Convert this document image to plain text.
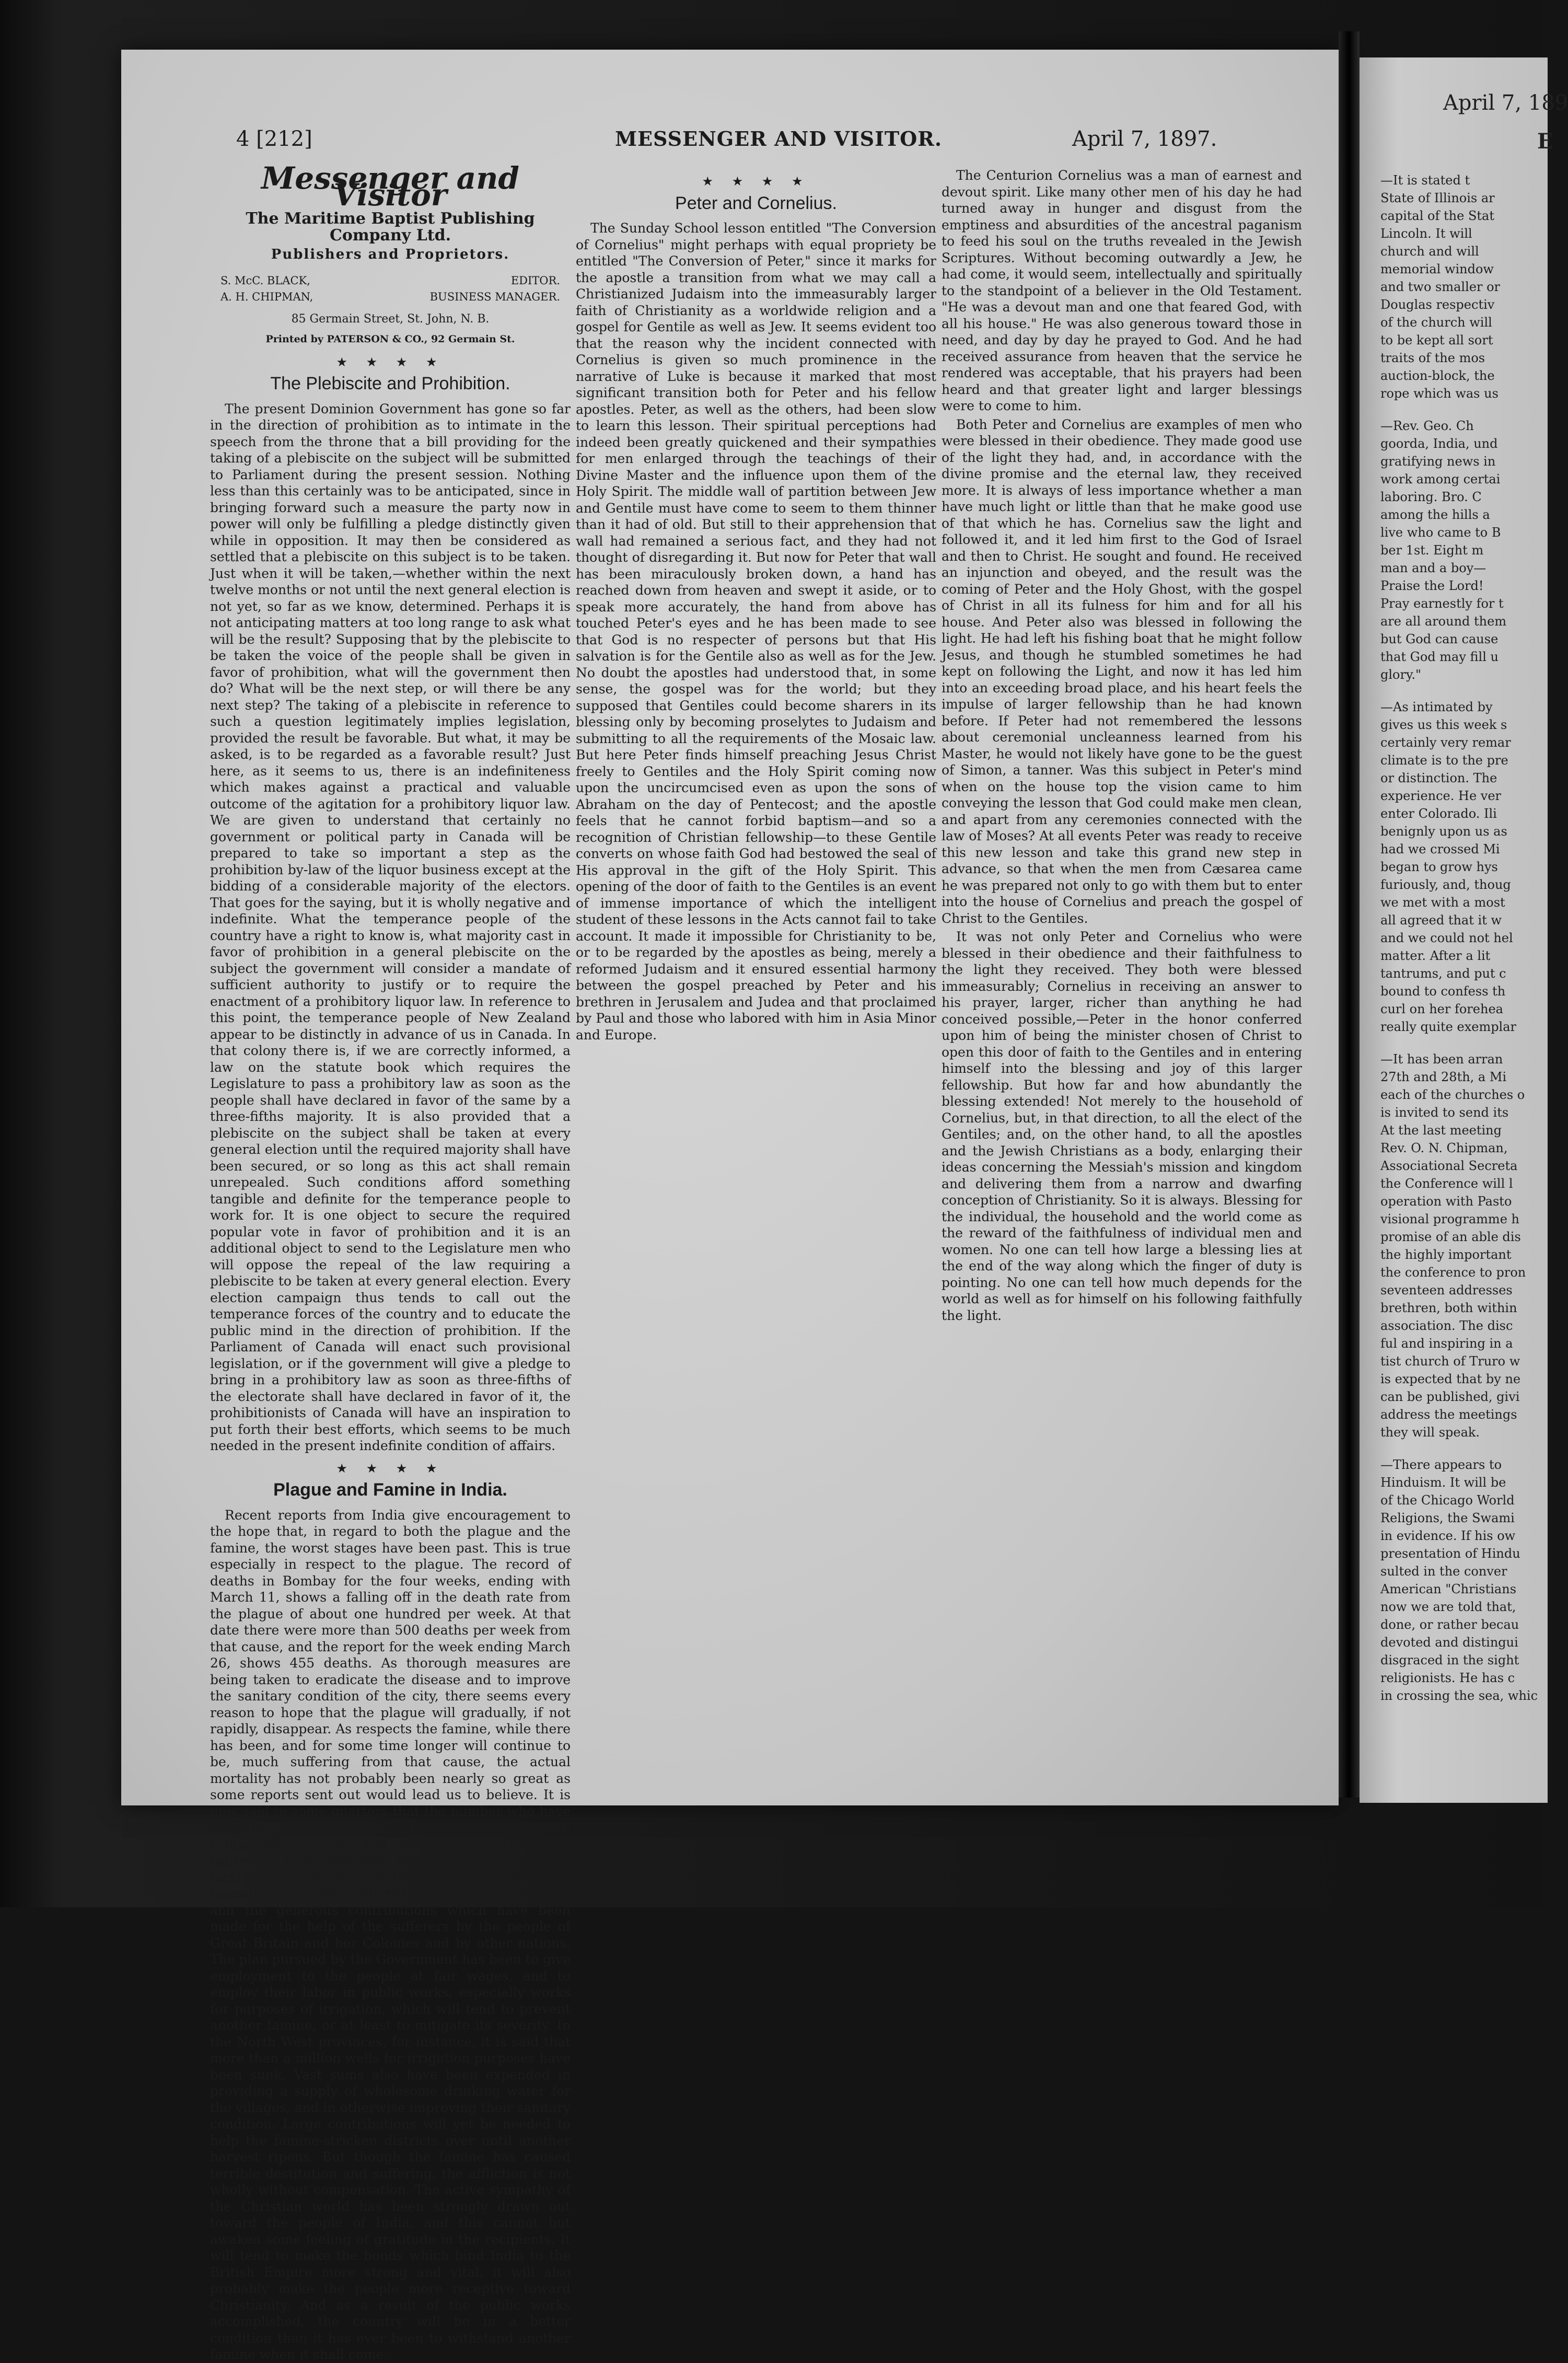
4 [212]	MESSENGER AND VISITOR.	April 7, 1897.
Messenger and Visitor
The Maritime Baptist Publishing Company Ltd.
Publishers and Proprietors.
S. McC. BLACK,	EDITOR.
A. H. CHIPMAN,	BUSINESS MANAGER.
85 Germain Street, St. John, N. B.
Printed by PATERSON & CO., 92 Germain St.
★ ★ ★ ★
The Plebiscite and Prohibition.

The present Dominion Government has gone so far in the direction of prohibition as to intimate in the speech from the throne that a bill providing for the taking of a plebiscite on the subject will be submitted to Parliament during the present session. Nothing less than this certainly was to be anticipated, since in bringing forward such a measure the party now in power will only be fulfilling a pledge distinctly given while in opposition. It may then be considered as settled that a plebiscite on this subject is to be taken. Just when it will be taken,—whether within the next twelve months or not until the next general election is not yet, so far as we know, determined. Perhaps it is not anticipating matters at too long range to ask what will be the result? Supposing that by the plebiscite to be taken the voice of the people shall be given in favor of prohibition, what will the government then do? What will be the next step, or will there be any next step? The taking of a plebiscite in reference to such a question legitimately implies legislation, provided the result be favorable. But what, it may be asked, is to be regarded as a favorable result? Just here, as it seems to us, there is an indefiniteness which makes against a practical and valuable outcome of the agitation for a prohibitory liquor law. We are given to understand that certainly no government or political party in Canada will be prepared to take so important a step as the prohibition by-law of the liquor business except at the bidding of a considerable majority of the electors. That goes for the saying, but it is wholly negative and indefinite. What the temperance people of the country have a right to know is, what majority cast in favor of prohibition in a general plebiscite on the subject the government will consider a mandate of sufficient authority to justify or to require the enactment of a prohibitory liquor law. In reference to this point, the temperance people of New Zealand appear to be distinctly in advance of us in Canada. In that colony there is, if we are correctly informed, a law on the statute book which requires the Legislature to pass a prohibitory law as soon as the people shall have declared in favor of the same by a three-fifths majority. It is also provided that a plebiscite on the subject shall be taken at every general election until the required majority shall have been secured, or so long as this act shall remain unrepealed. Such conditions afford something tangible and definite for the temperance people to work for. It is one object to secure the required popular vote in favor of prohibition and it is an additional object to send to the Legislature men who will oppose the repeal of the law requiring a plebiscite to be taken at every general election. Every election campaign thus tends to call out the temperance forces of the country and to educate the public mind in the direction of prohibition. If the Parliament of Canada will enact such provisional legislation, or if the government will give a pledge to bring in a prohibitory law as soon as three-fifths of the electorate shall have declared in favor of it, the prohibitionists of Canada will have an inspiration to put forth their best efforts, which seems to be much needed in the present indefinite condition of affairs.

★ ★ ★ ★
Plague and Famine in India.

Recent reports from India give encouragement to the hope that, in regard to both the plague and the famine, the worst stages have been past. This is true especially in respect to the plague. The record of deaths in Bombay for the four weeks, ending with March 11, shows a falling off in the death rate from the plague of about one hundred per week. At that date there were more than 500 deaths per week from that cause, and the report for the week ending March 26, shows 455 deaths. As thorough measures are being taken to eradicate the disease and to improve the sanitary condition of the city, there seems every reason to hope that the plague will gradually, if not rapidly, disappear. As respects the famine, while there has been, and for some time longer will continue to be, much suffering from that cause, the actual mortality has not probably been nearly so great as some reports sent out would lead us to believe. It is now said in some quarters that the number who have actually died because of famine has been comparatively small, and that mortality from that cause has now practically ceased. But if this is the fact, it is only because of the vigorous and effective measures of relief, undertaken by the Government, and the generous contributions which have been made for the help of the sufferers by the people of Great Britain and her Colonies and by other nations. The plan pursued by the Government has been to give employment to the people at fair wages, and to employ their labor in public works, especially works for purposes of irrigation, which will tend to prevent another famine, or at least to mitigate its severity. In the North West provinces, for instance, it is said that more than a million wells for irrigation purposes have been sunk. Vast sums also have been expended in providing a supply of wholesome drinking water for the villages, and in otherwise improving their sanitary condition. Large contributions will yet be needed to help the famine-stricken districts over until another harvest ripens. But though the famine has caused terrible destitution and suffering, the affliction is not wholly without compensation. The active sympathy of the Christian world has been strongly drawn out toward the people of India, and this cannot but awaken some feeling of gratitude in the recipients. It will tend to make the bonds which bind India to the British Empire more strong and vital, it will also probably make the people more receptive toward Christianity. And as a result of the public works accomplished, the country will be in a better condition than it has ever been to withstand another famine when it shall come.

★ ★ ★ ★
Peter and Cornelius.

The Sunday School lesson entitled "The Conversion of Cornelius" might perhaps with equal propriety be entitled "The Conversion of Peter," since it marks for the apostle a transition from what we may call a Christianized Judaism into the immeasurably larger faith of Christianity as a worldwide religion and a gospel for Gentile as well as Jew. It seems evident too that the reason why the incident connected with Cornelius is given so much prominence in the narrative of Luke is because it marked that most significant transition both for Peter and his fellow apostles. Peter, as well as the others, had been slow to learn this lesson. Their spiritual perceptions had indeed been greatly quickened and their sympathies for men enlarged through the teachings of their Divine Master and the influence upon them of the Holy Spirit. The middle wall of partition between Jew and Gentile must have come to seem to them thinner than it had of old. But still to their apprehension that wall had remained a serious fact, and they had not thought of disregarding it. But now for Peter that wall has been miraculously broken down, a hand has reached down from heaven and swept it aside, or to speak more accurately, the hand from above has touched Peter's eyes and he has been made to see that God is no respecter of persons but that His salvation is for the Gentile also as well as for the Jew. No doubt the apostles had understood that, in some sense, the gospel was for the world; but they supposed that Gentiles could become sharers in its blessing only by becoming proselytes to Judaism and submitting to all the requirements of the Mosaic law. But here Peter finds himself preaching Jesus Christ freely to Gentiles and the Holy Spirit coming now upon the uncircumcised even as upon the sons of Abraham on the day of Pentecost; and the apostle feels that he cannot forbid baptism—and so a recognition of Christian fellowship—to these Gentile converts on whose faith God had bestowed the seal of His approval in the gift of the Holy Spirit. This opening of the door of faith to the Gentiles is an event of immense importance of which the intelligent student of these lessons in the Acts cannot fail to take account. It made it impossible for Christianity to be, or to be regarded by the apostles as being, merely a reformed Judaism and it ensured essential harmony between the gospel preached by Peter and his brethren in Jerusalem and Judea and that proclaimed by Paul and those who labored with him in Asia Minor and Europe.

The Centurion Cornelius was a man of earnest and devout spirit. Like many other men of his day he had turned away in hunger and disgust from the emptiness and absurdities of the ancestral paganism to feed his soul on the truths revealed in the Jewish Scriptures. Without becoming outwardly a Jew, he had come, it would seem, intellectually and spiritually to the standpoint of a believer in the Old Testament. "He was a devout man and one that feared God, with all his house." He was also generous toward those in need, and day by day he prayed to God. And he had received assurance from heaven that the service he rendered was acceptable, that his prayers had been heard and that greater light and larger blessings were to come to him.

Both Peter and Cornelius are examples of men who were blessed in their obedience. They made good use of the light they had, and, in accordance with the divine promise and the eternal law, they received more. It is always of less importance whether a man have much light or little than that he make good use of that which he has. Cornelius saw the light and followed it, and it led him first to the God of Israel and then to Christ. He sought and found. He received an injunction and obeyed, and the result was the coming of Peter and the Holy Ghost, with the gospel of Christ in all its fulness for him and for all his house. And Peter also was blessed in following the light. He had left his fishing boat that he might follow Jesus, and though he stumbled sometimes he had kept on following the Light, and now it has led him into an exceeding broad place, and his heart feels the impulse of larger fellowship than he had known before. If Peter had not remembered the lessons about ceremonial uncleanness learned from his Master, he would not likely have gone to be the guest of Simon, a tanner. Was this subject in Peter's mind when on the house top the vision came to him conveying the lesson that God could make men clean, and apart from any ceremonies connected with the law of Moses? At all events Peter was ready to receive this new lesson and take this grand new step in advance, so that when the men from Cæsarea came he was prepared not only to go with them but to enter into the house of Cornelius and preach the gospel of Christ to the Gentiles.

It was not only Peter and Cornelius who were blessed in their obedience and their faithfulness to the light they received. They both were blessed immeasurably; Cornelius in receiving an answer to his prayer, larger, richer than anything he had conceived possible,—Peter in the honor conferred upon him of being the minister chosen of Christ to open this door of faith to the Gentiles and in entering himself into the blessing and joy of this larger fellowship. But how far and how abundantly the blessing extended! Not merely to the household of Cornelius, but, in that direction, to all the elect of the Gentiles; and, on the other hand, to all the apostles and the Jewish Christians as a body, enlarging their ideas concerning the Messiah's mission and kingdom and delivering them from a narrow and dwarfing conception of Christianity. So it is always. Blessing for the individual, the household and the world come as the reward of the faithfulness of individual men and women. No one can tell how large a blessing lies at the end of the way along which the finger of duty is pointing. No one can tell how much depends for the world as well as for himself on his following faithfully the light.

April 7, 189
E
—It is stated t
State of Illinois ar
capital of the Stat
Lincoln. It will
church and will
memorial window
and two smaller or
Douglas respectiv
of the church will
to be kept all sort
traits of the mos
auction-block, the
rope which was us
—Rev. Geo. Ch
goorda, India, und
gratifying news in
work among certai
laboring. Bro. C
among the hills a
live who came to B
ber 1st. Eight m
man and a boy—
Praise the Lord!
Pray earnestly for t
are all around them
but God can cause
that God may fill u
glory."
—As intimated by
gives us this week s
certainly very remar
climate is to the pre
or distinction. The
experience. He ver
enter Colorado. Ili
benignly upon us as
had we crossed Mi
began to grow hys
furiously, and, thoug
we met with a most
all agreed that it w
and we could not hel
matter. After a lit
tantrums, and put c
bound to confess th
curl on her forehea
really quite exemplar
—It has been arran
27th and 28th, a Mi
each of the churches o
is invited to send its
At the last meeting
Rev. O. N. Chipman,
Associational Secreta
the Conference will l
operation with Pasto
visional programme h
promise of an able dis
the highly important
the conference to pron
seventeen addresses
brethren, both within
association. The disc
ful and inspiring in a
tist church of Truro w
is expected that by ne
can be published, givi
address the meetings
they will speak.
—There appears to
Hinduism. It will be
of the Chicago World
Religions, the Swami
in evidence. If his ow
presentation of Hindu
sulted in the conver
American "Christians
now we are told that,
done, or rather becau
devoted and distingui
disgraced in the sight
religionists. He has c
in crossing the sea, whic
